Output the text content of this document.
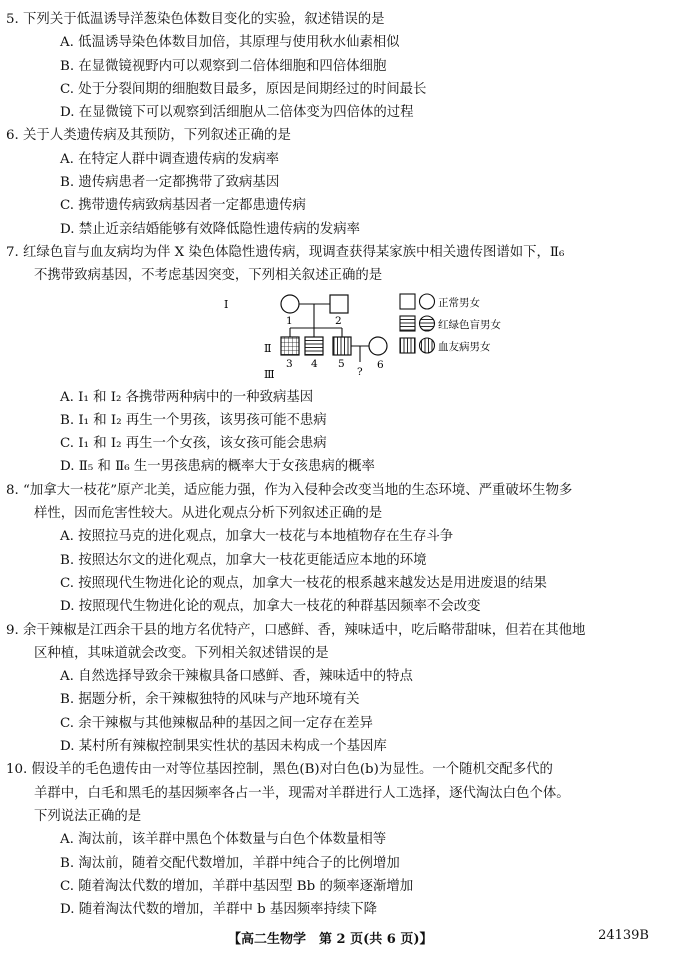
5. 下列关于低温诱导洋葱染色体数目变化的实验，叙述错误的是
A. 低温诱导染色体数目加倍，其原理与使用秋水仙素相似
B. 在显微镜视野内可以观察到二倍体细胞和四倍体细胞
C. 处于分裂间期的细胞数目最多，原因是间期经过的时间最长
D. 在显微镜下可以观察到活细胞从二倍体变为四倍体的过程
6. 关于人类遗传病及其预防，下列叙述正确的是
A. 在特定人群中调查遗传病的发病率
B. 遗传病患者一定都携带了致病基因
C. 携带遗传病致病基因者一定都患遗传病
D. 禁止近亲结婚能够有效降低隐性遗传病的发病率
7. 红绿色盲与血友病均为伴 X 染色体隐性遗传病，现调查获得某家族中相关遗传图谱如下，Ⅱ₆
不携带致病基因，不考虑基因突变，下列相关叙述正确的是
Ⅰ
Ⅱ
Ⅲ
1	2
3 4 5	6
?
正常男女
红绿色盲男女
血友病男女
A. Ⅰ₁ 和 Ⅰ₂ 各携带两种病中的一种致病基因
B. Ⅰ₁ 和 Ⅰ₂ 再生一个男孩，该男孩可能不患病
C. Ⅰ₁ 和 Ⅰ₂ 再生一个女孩，该女孩可能会患病
D. Ⅱ₅ 和 Ⅱ₆ 生一男孩患病的概率大于女孩患病的概率
8. “加拿大一枝花”原产北美，适应能力强，作为入侵种会改变当地的生态环境、严重破坏生物多
样性，因而危害性较大。从进化观点分析下列叙述正确的是
A. 按照拉马克的进化观点，加拿大一枝花与本地植物存在生存斗争
B. 按照达尔文的进化观点，加拿大一枝花更能适应本地的环境
C. 按照现代生物进化论的观点，加拿大一枝花的根系越来越发达是用进废退的结果
D. 按照现代生物进化论的观点，加拿大一枝花的种群基因频率不会改变
9. 余干辣椒是江西余干县的地方名优特产，口感鲜、香，辣味适中，吃后略带甜味，但若在其他地
区种植，其味道就会改变。下列相关叙述错误的是
A. 自然选择导致余干辣椒具备口感鲜、香，辣味适中的特点
B. 据题分析，余干辣椒独特的风味与产地环境有关
C. 余干辣椒与其他辣椒品种的基因之间一定存在差异
D. 某村所有辣椒控制果实性状的基因未构成一个基因库
10. 假设羊的毛色遗传由一对等位基因控制，黑色(B)对白色(b)为显性。一个随机交配多代的
羊群中，白毛和黑毛的基因频率各占一半，现需对羊群进行人工选择，逐代淘汰白色个体。
下列说法正确的是
A. 淘汰前，该羊群中黑色个体数量与白色个体数量相等
B. 淘汰前，随着交配代数增加，羊群中纯合子的比例增加
C. 随着淘汰代数的增加，羊群中基因型 Bb 的频率逐渐增加
D. 随着淘汰代数的增加，羊群中 b 基因频率持续下降
【高二生物学　第 2 页(共 6 页)】	24139B
